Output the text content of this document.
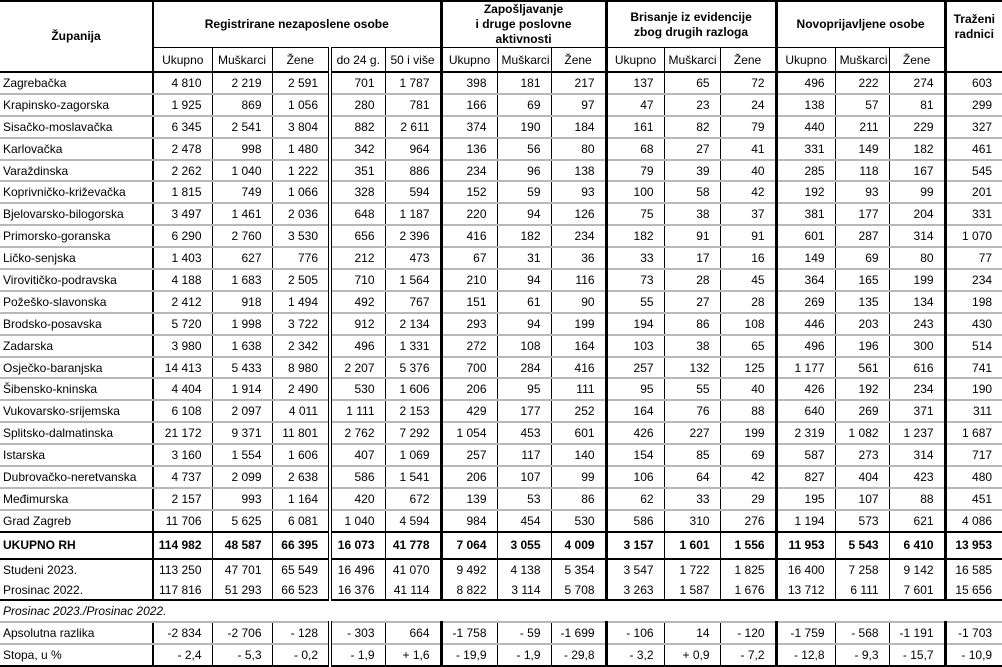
Županija	Registrirane nezaposlene osobe					Zapošljavanje
i druge poslovne aktivnosti			Brisanje iz evidencije
zbog drugih razloga			Novoprijavljene osobe			Traženi
radnici
	Ukupno	Muškarci	Žene	do 24 g.	50 i više	Ukupno	Muškarci	Žene	Ukupno	Muškarci	Žene	Ukupno	Muškarci	Žene	
Zagrebačka	4 810	2 219	2 591	701	1 787	398	181	217	137	65	72	496	222	274	603
Krapinsko-zagorska	1 925	869	1 056	280	781	166	69	97	47	23	24	138	57	81	299
Sisačko-moslavačka	6 345	2 541	3 804	882	2 611	374	190	184	161	82	79	440	211	229	327
Karlovačka	2 478	998	1 480	342	964	136	56	80	68	27	41	331	149	182	461
Varaždinska	2 262	1 040	1 222	351	886	234	96	138	79	39	40	285	118	167	545
Koprivničko-križevačka	1 815	749	1 066	328	594	152	59	93	100	58	42	192	93	99	201
Bjelovarsko-bilogorska	3 497	1 461	2 036	648	1 187	220	94	126	75	38	37	381	177	204	331
Primorsko-goranska	6 290	2 760	3 530	656	2 396	416	182	234	182	91	91	601	287	314	1 070
Ličko-senjska	1 403	627	776	212	473	67	31	36	33	17	16	149	69	80	77
Virovitičko-podravska	4 188	1 683	2 505	710	1 564	210	94	116	73	28	45	364	165	199	234
Požeško-slavonska	2 412	918	1 494	492	767	151	61	90	55	27	28	269	135	134	198
Brodsko-posavska	5 720	1 998	3 722	912	2 134	293	94	199	194	86	108	446	203	243	430
Zadarska	3 980	1 638	2 342	496	1 331	272	108	164	103	38	65	496	196	300	514
Osječko-baranjska	14 413	5 433	8 980	2 207	5 376	700	284	416	257	132	125	1 177	561	616	741
Šibensko-kninska	4 404	1 914	2 490	530	1 606	206	95	111	95	55	40	426	192	234	190
Vukovarsko-srijemska	6 108	2 097	4 011	1 111	2 153	429	177	252	164	76	88	640	269	371	311
Splitsko-dalmatinska	21 172	9 371	11 801	2 762	7 292	1 054	453	601	426	227	199	2 319	1 082	1 237	1 687
Istarska	3 160	1 554	1 606	407	1 069	257	117	140	154	85	69	587	273	314	717
Dubrovačko-neretvanska	4 737	2 099	2 638	586	1 541	206	107	99	106	64	42	827	404	423	480
Međimurska	2 157	993	1 164	420	672	139	53	86	62	33	29	195	107	88	451
Grad Zagreb	11 706	5 625	6 081	1 040	4 594	984	454	530	586	310	276	1 194	573	621	4 086
UKUPNO RH	114 982	48 587	66 395	16 073	41 778	7 064	3 055	4 009	3 157	1 601	1 556	11 953	5 543	6 410	13 953
Studeni 2023.	113 250	47 701	65 549	16 496	41 070	9 492	4 138	5 354	3 547	1 722	1 825	16 400	7 258	9 142	16 585
Prosinac 2022.	117 816	51 293	66 523	16 376	41 114	8 822	3 114	5 708	3 263	1 587	1 676	13 712	6 111	7 601	15 656
Prosinac 2023./Prosinac 2022.															
Apsolutna razlika	-2 834	-2 706	- 128	- 303	664	-1 758	- 59	-1 699	- 106	14	- 120	-1 759	- 568	-1 191	-1 703
Stopa, u %	- 2,4	- 5,3	- 0,2	- 1,9	+ 1,6	- 19,9	- 1,9	- 29,8	- 3,2	+ 0,9	- 7,2	- 12,8	- 9,3	- 15,7	- 10,9
